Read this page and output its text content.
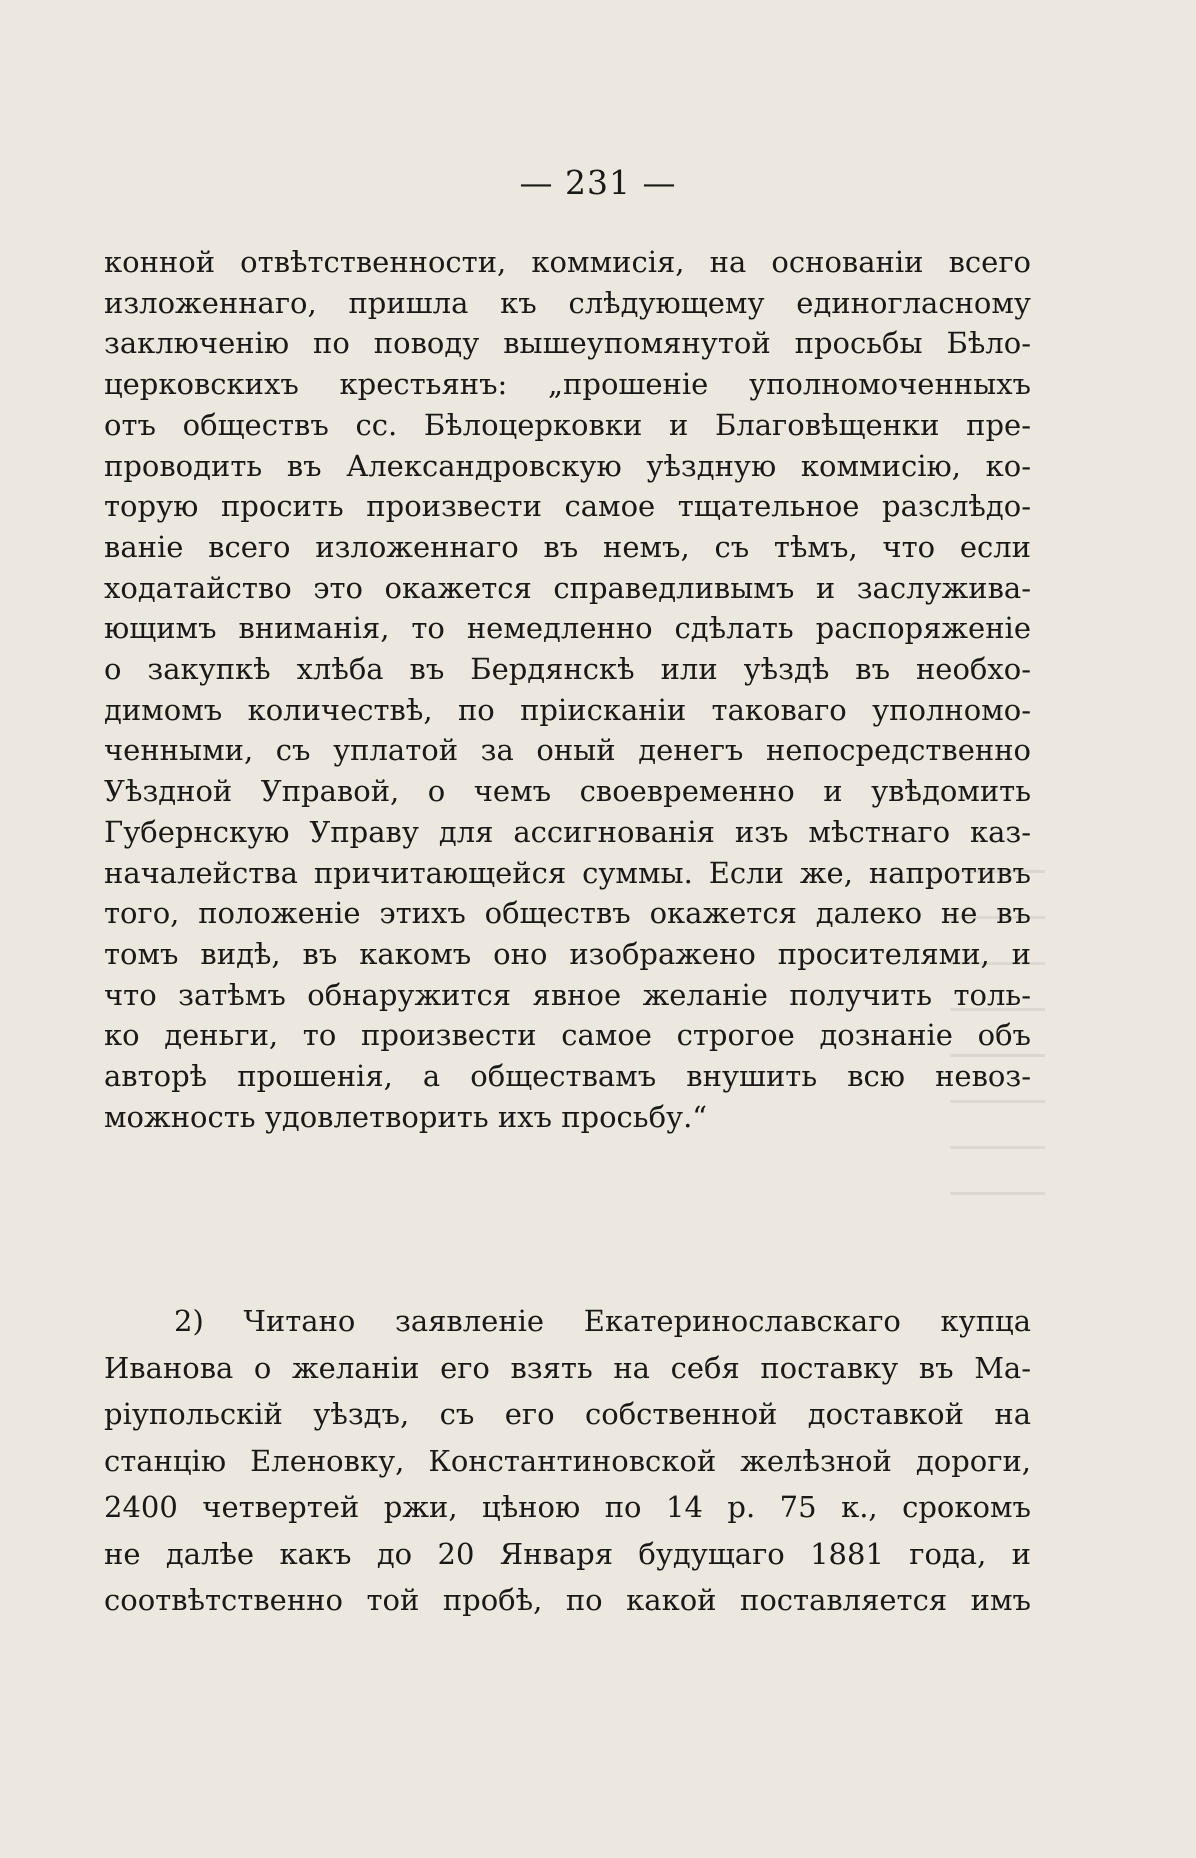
— 231 —
конной отвѣтственности, коммисія, на основаніи всего
изложеннаго, пришла къ слѣдующему единогласному
заключенію по поводу вышеупомянутой просьбы Бѣло-
церковскихъ крестьянъ: „прошеніе уполномоченныхъ
отъ обществъ сс. Бѣлоцерковки и Благовѣщенки пре-
проводить въ Александровскую уѣздную коммисію, ко-
торую просить произвести самое тщательное разслѣдо-
ваніе всего изложеннаго въ немъ, съ тѣмъ, что если
ходатайство это окажется справедливымъ и заслужива-
ющимъ вниманія, то немедленно сдѣлать распоряженіе
о закупкѣ хлѣба въ Бердянскѣ или уѣздѣ въ необхо-
димомъ количествѣ, по пріисканіи таковаго уполномо-
ченными, съ уплатой за оный денегъ непосредственно
Уѣздной Управой, о чемъ своевременно и увѣдомить
Губернскую Управу для ассигнованія изъ мѣстнаго каз-
началейства причитающейся суммы. Если же, напротивъ
того, положеніе этихъ обществъ окажется далеко не въ
томъ видѣ, въ какомъ оно изображено просителями, и
что затѣмъ обнаружится явное желаніе получить толь-
ко деньги, то произвести самое строгое дознаніе объ
авторѣ прошенія, а обществамъ внушить всю невоз-
можность удовлетворить ихъ просьбу.“
2) Читано заявленіе Екатеринославскаго купца
Иванова о желаніи его взять на себя поставку въ Ма-
ріупольскій уѣздъ, съ его собственной доставкой на
станцію Еленовку, Константиновской желѣзной дороги,
2400 четвертей ржи, цѣною по 14 р. 75 к., срокомъ
не далѣе какъ до 20 Января будущаго 1881 года, и
соотвѣтственно той пробѣ, по какой поставляется имъ
